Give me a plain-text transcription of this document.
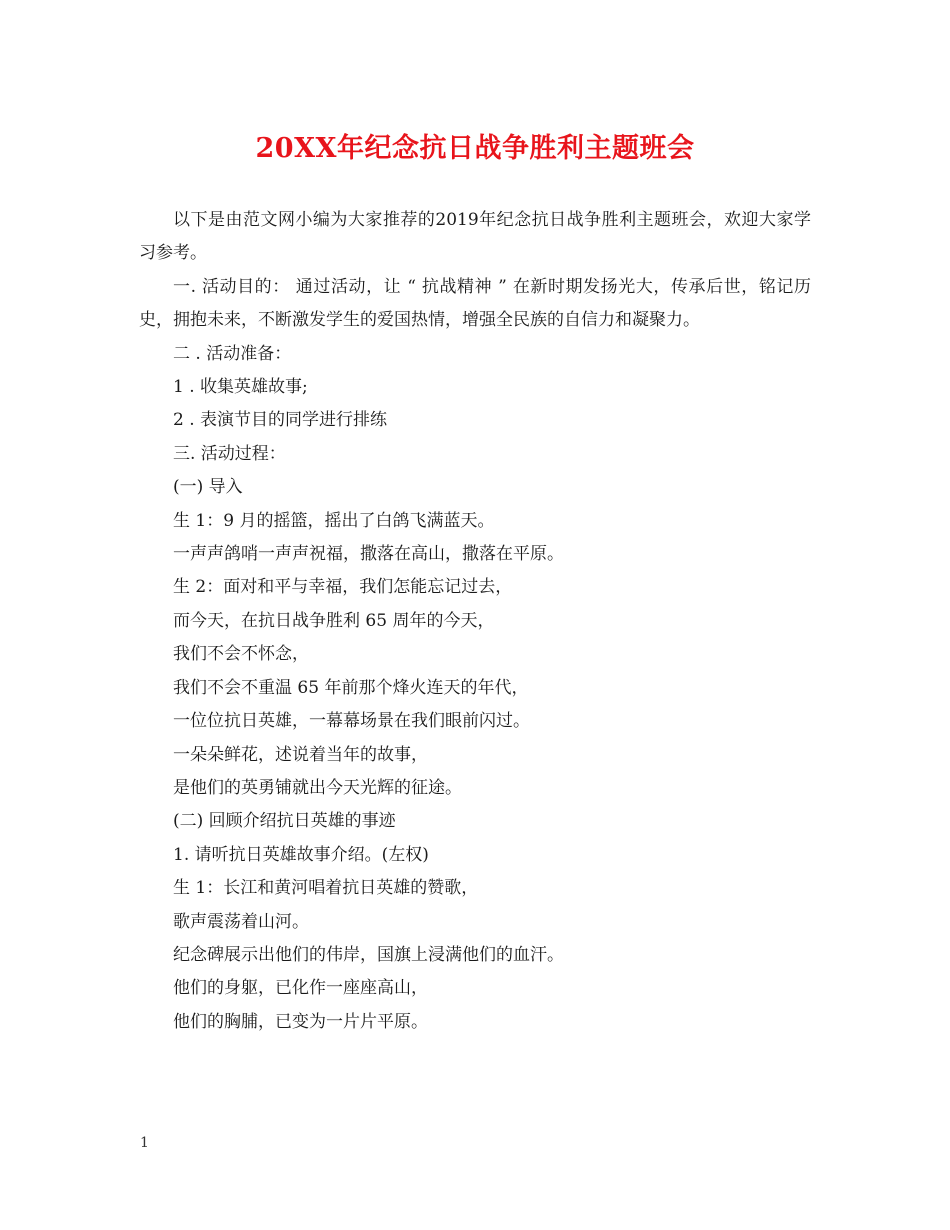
20XX年纪念抗日战争胜利主题班会

以下是由范文网小编为大家推荐的2019年纪念抗日战争胜利主题班会，欢迎大家学习参考。

一. 活动目的： 通过活动，让 “ 抗战精神 ” 在新时期发扬光大，传承后世，铭记历史，拥抱未来，不断激发学生的爱国热情，增强全民族的自信力和凝聚力。

二 . 活动准备：

1 . 收集英雄故事;

2 . 表演节目的同学进行排练

三. 活动过程：

(一) 导入

生 1：9 月的摇篮，摇出了白鸽飞满蓝天。

一声声鸽哨一声声祝福，撒落在高山，撒落在平原。

生 2：面对和平与幸福，我们怎能忘记过去，

而今天，在抗日战争胜利 65 周年的今天，

我们不会不怀念，

我们不会不重温 65 年前那个烽火连天的年代，

一位位抗日英雄，一幕幕场景在我们眼前闪过。

一朵朵鲜花，述说着当年的故事，

是他们的英勇铺就出今天光辉的征途。

(二) 回顾介绍抗日英雄的事迹

1. 请听抗日英雄故事介绍。(左权)

生 1：长江和黄河唱着抗日英雄的赞歌，

歌声震荡着山河。

纪念碑展示出他们的伟岸，国旗上浸满他们的血汗。

他们的身躯，已化作一座座高山，

他们的胸脯，已变为一片片平原。

1
